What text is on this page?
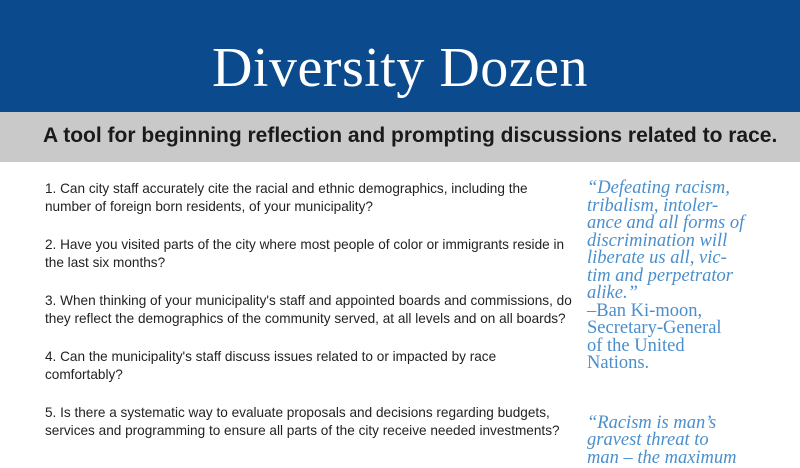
Diversity Dozen
A tool for beginning reflection and prompting discussions related to race.

1. Can city staff accurately cite the racial and ethnic demographics, including the number of foreign born residents, of your municipality?

2. Have you visited parts of the city where most people of color or immigrants reside in the last six months?

3. When thinking of your municipality's staff and appointed boards and commissions, do they reflect the demographics of the community served, at all levels and on all boards?

4. Can the municipality's staff discuss issues related to or impacted by race comfortably?

5. Is there a systematic way to evaluate proposals and decisions regarding budgets, services and programming to ensure all parts of the city receive needed investments?

“Defeating racism,

tribalism, intoler-

ance and all forms of

discrimination will

liberate us all, vic-

tim and perpetrator

alike.”

–Ban Ki-moon,

Secretary-General

of the United

Nations.

“Racism is man’s

gravest threat to

man – the maximum
